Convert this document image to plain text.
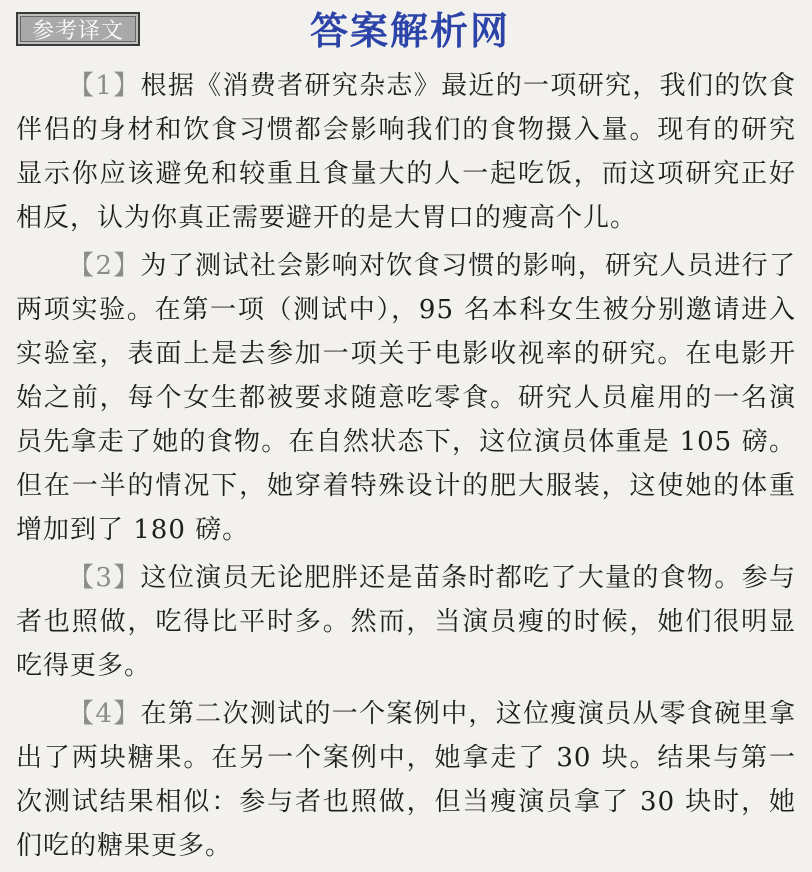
参考译文	答案解析网

【1】根据《消费者研究杂志》最近的一项研究，我们的饮食伴侣的身材和饮食习惯都会影响我们的食物摄入量。现有的研究显示你应该避免和较重且食量大的人一起吃饭，而这项研究正好相反，认为你真正需要避开的是大胃口的瘦高个儿。

【2】为了测试社会影响对饮食习惯的影响，研究人员进行了两项实验。在第一项（测试中），95 名本科女生被分别邀请进入实验室，表面上是去参加一项关于电影收视率的研究。在电影开始之前，每个女生都被要求随意吃零食。研究人员雇用的一名演员先拿走了她的食物。在自然状态下，这位演员体重是 105 磅。但在一半的情况下，她穿着特殊设计的肥大服装，这使她的体重增加到了 180 磅。

【3】这位演员无论肥胖还是苗条时都吃了大量的食物。参与者也照做，吃得比平时多。然而，当演员瘦的时候，她们很明显吃得更多。

【4】在第二次测试的一个案例中，这位瘦演员从零食碗里拿出了两块糖果。在另一个案例中，她拿走了 30 块。结果与第一次测试结果相似：参与者也照做，但当瘦演员拿了 30 块时，她们吃的糖果更多。
